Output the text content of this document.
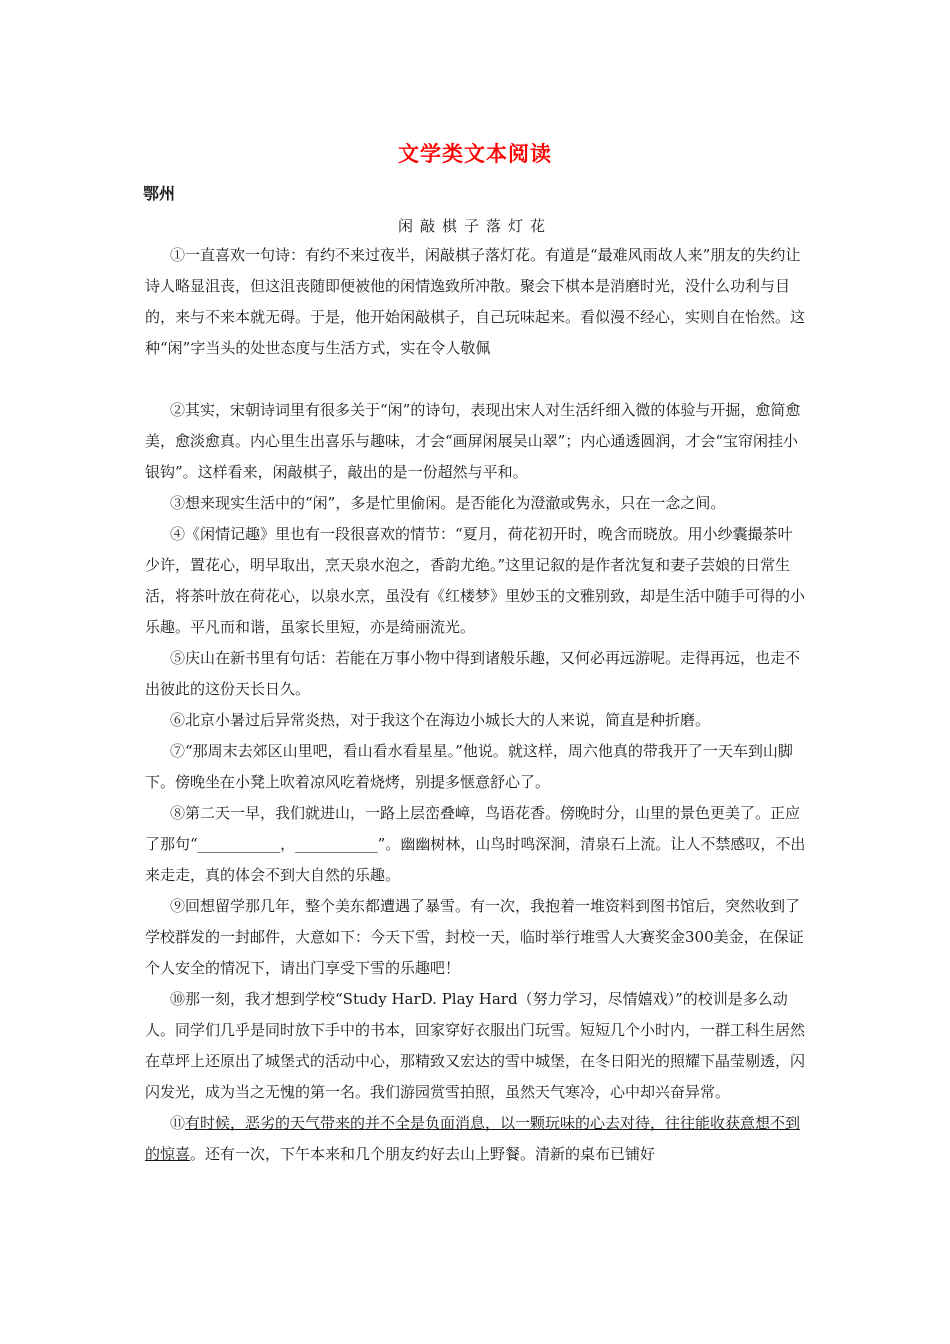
文学类文本阅读
鄂州
闲敲棋子落灯花

①一直喜欢一句诗：有约不来过夜半，闲敲棋子落灯花。有道是“最难风雨故人来”朋友的失约让诗人略显沮丧，但这沮丧随即便被他的闲情逸致所冲散。聚会下棋本是消磨时光，没什么功利与目的，来与不来本就无碍。于是，他开始闲敲棋子，自己玩味起来。看似漫不经心，实则自在怡然。这种“闲”字当头的处世态度与生活方式，实在令人敬佩

②其实，宋朝诗词里有很多关于“闲”的诗句，表现出宋人对生活纤细入微的体验与开掘，愈简愈美，愈淡愈真。内心里生出喜乐与趣味，才会“画屏闲展吴山翠”；内心通透圆润，才会“宝帘闲挂小银钩”。这样看来，闲敲棋子，敲出的是一份超然与平和。

③想来现实生活中的“闲”，多是忙里偷闲。是否能化为澄澈或隽永，只在一念之间。

④《闲情记趣》里也有一段很喜欢的情节：“夏月，荷花初开时，晚含而晓放。用小纱囊撮茶叶少许，置花心，明早取出，烹天泉水泡之，香韵尤绝。”这里记叙的是作者沈复和妻子芸娘的日常生活，将茶叶放在荷花心，以泉水烹，虽没有《红楼梦》里妙玉的文雅别致，却是生活中随手可得的小乐趣。平凡而和谐，虽家长里短，亦是绮丽流光。

⑤庆山在新书里有句话：若能在万事小物中得到诸般乐趣，又何必再远游呢。走得再远，也走不出彼此的这份天长日久。

⑥北京小暑过后异常炎热，对于我这个在海边小城长大的人来说，简直是种折磨。

⑦“那周末去郊区山里吧，看山看水看星星。”他说。就这样，周六他真的带我开了一天车到山脚下。傍晚坐在小凳上吹着凉风吃着烧烤，别提多惬意舒心了。

⑧第二天一早，我们就进山，一路上层峦叠嶂，鸟语花香。傍晚时分，山里的景色更美了。正应了那句“___________，___________”。幽幽树林，山鸟时鸣深涧，清泉石上流。让人不禁感叹，不出来走走，真的体会不到大自然的乐趣。

⑨回想留学那几年，整个美东都遭遇了暴雪。有一次，我抱着一堆资料到图书馆后，突然收到了学校群发的一封邮件，大意如下：今天下雪，封校一天，临时举行堆雪人大赛奖金300美金，在保证个人安全的情况下，请出门享受下雪的乐趣吧！

⑩那一刻，我才想到学校“Study HarD. Play Hard（努力学习，尽情嬉戏）”的校训是多么动人。同学们几乎是同时放下手中的书本，回家穿好衣服出门玩雪。短短几个小时内，一群工科生居然在草坪上还原出了城堡式的活动中心，那精致又宏达的雪中城堡，在冬日阳光的照耀下晶莹剔透，闪闪发光，成为当之无愧的第一名。我们游园赏雪拍照，虽然天气寒冷，心中却兴奋异常。

⑪有时候，恶劣的天气带来的并不全是负面消息，以一颗玩味的心去对待，往往能收获意想不到的惊喜。还有一次，下午本来和几个朋友约好去山上野餐。清新的桌布已铺好
